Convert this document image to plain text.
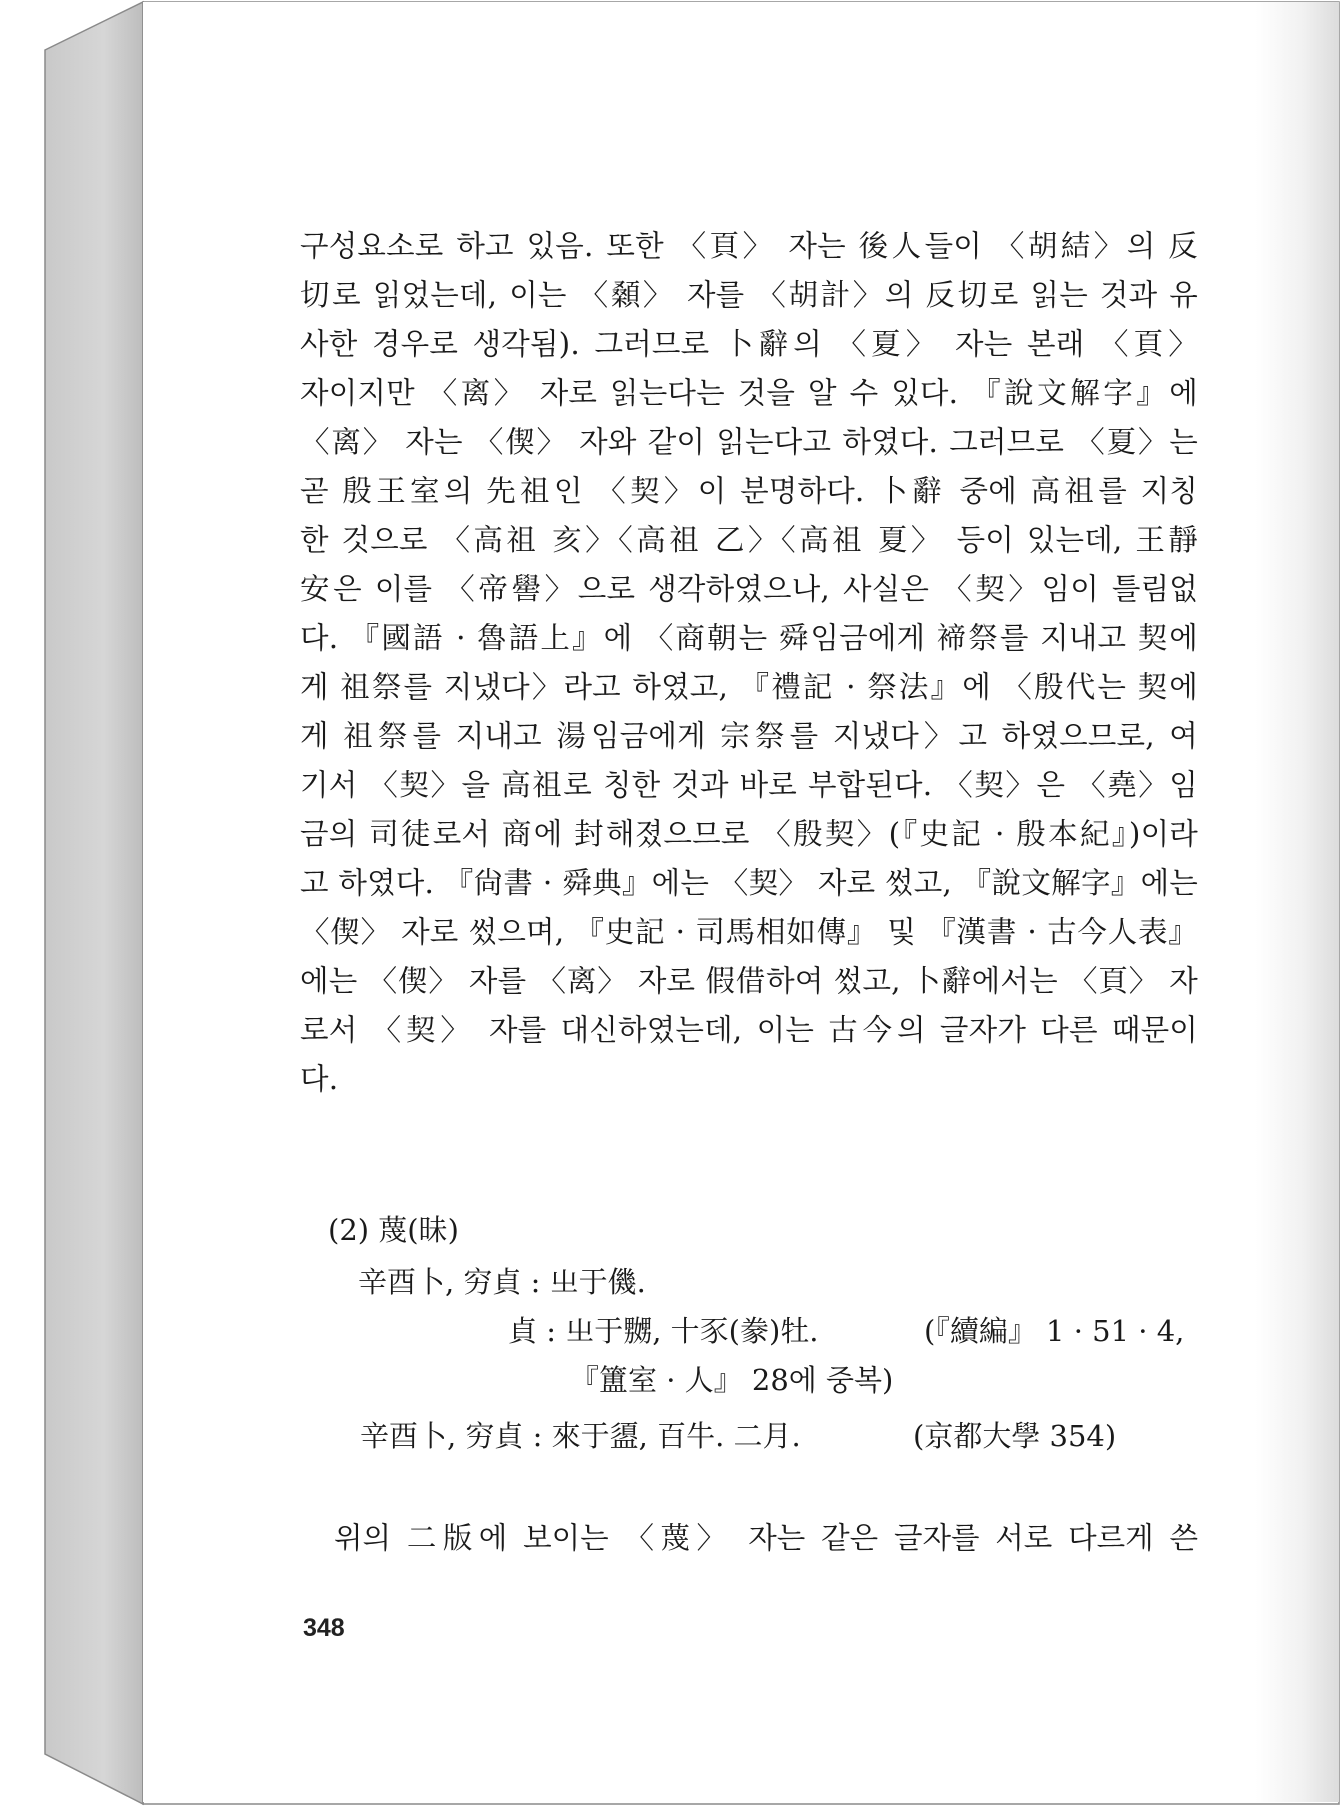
구성요소로 하고 있음. 또한 〈頁〉 자는 後人들이 〈胡結〉의 反
切로 읽었는데, 이는 〈顙〉 자를 〈胡計〉의 反切로 읽는 것과 유
사한 경우로 생각됨). 그러므로 卜辭의 〈夏〉 자는 본래 〈頁〉
자이지만 〈离〉 자로 읽는다는 것을 알 수 있다. 『說文解字』에
〈离〉 자는 〈偰〉 자와 같이 읽는다고 하였다. 그러므로 〈夏〉는
곧 殷王室의 先祖인 〈契〉이 분명하다. 卜辭 중에 高祖를 지칭
한 것으로 〈高祖 亥〉〈高祖 乙〉〈高祖 夏〉 등이 있는데, 王靜
安은 이를 〈帝嚳〉으로 생각하였으나, 사실은 〈契〉임이 틀림없
다. 『國語 · 魯語上』에 〈商朝는 舜임금에게 褅祭를 지내고 契에
게 祖祭를 지냈다〉라고 하였고, 『禮記 · 祭法』에 〈殷代는 契에
게 祖祭를 지내고 湯임금에게 宗祭를 지냈다〉고 하였으므로, 여
기서 〈契〉을 高祖로 칭한 것과 바로 부합된다. 〈契〉은 〈堯〉임
금의 司徒로서 商에 封해졌으므로 〈殷契〉(『史記 · 殷本紀』)이라
고 하였다. 『尙書 · 舜典』에는 〈契〉 자로 썼고, 『說文解字』에는
〈偰〉 자로 썼으며, 『史記 · 司馬相如傳』 및 『漢書 · 古今人表』
에는 〈偰〉 자를 〈离〉 자로 假借하여 썼고, 卜辭에서는 〈頁〉 자
로서 〈契〉 자를 대신하였는데, 이는 古今의 글자가 다른 때문이
다.
(2) 蔑(昧)
辛酉卜, 穷貞 : 㞢于僟.
貞 : 㞢于嬲, 十豕(豢)牡.	(『續編』 1 · 51 · 4,
『簠室 · 人』 28에 중복)
辛酉卜, 穷貞 : 來于盨, 百牛. 二月.	(京都大學 354)
위의 二版에 보이는 〈蔑〉 자는 같은 글자를 서로 다르게 쓴
348
